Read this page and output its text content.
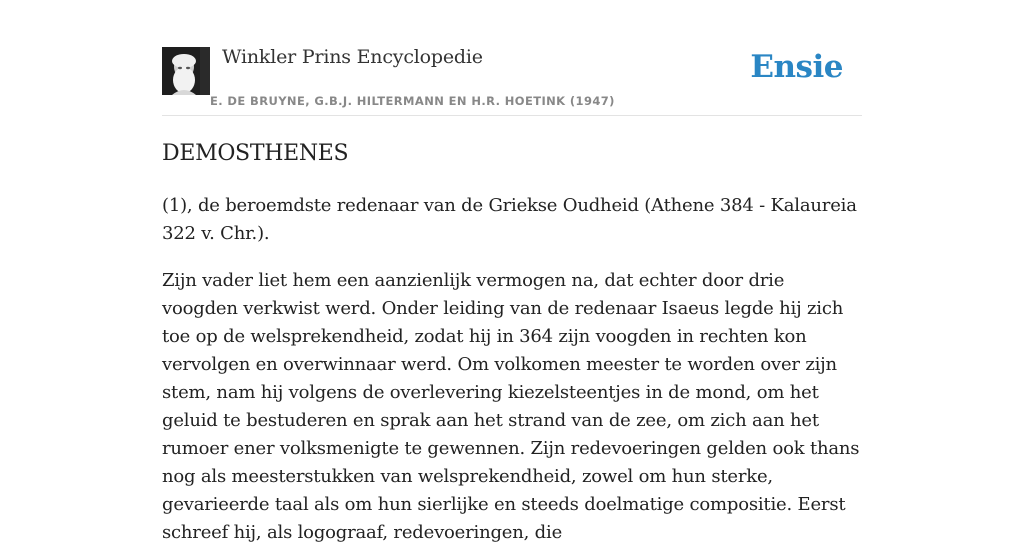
Winkler Prins Encyclopedie
E. DE BRUYNE, G.B.J. HILTERMANN EN H.R. HOETINK (1947)
Ensie
DEMOSTHENES

(1), de beroemdste redenaar van de Griekse Oudheid (Athene 384 - Kalaureia 322 v. Chr.).

Zijn vader liet hem een aanzienlijk vermogen na, dat echter door drie voogden verkwist werd. Onder leiding van de redenaar Isaeus legde hij zich toe op de welsprekendheid, zodat hij in 364 zijn voogden in rechten kon vervolgen en overwinnaar werd. Om volkomen meester te worden over zijn stem, nam hij volgens de overlevering kiezelsteentjes in de mond, om het geluid te bestuderen en sprak aan het strand van de zee, om zich aan het rumoer ener volksmenigte te gewennen. Zijn redevoeringen gelden ook thans nog als meesterstukken van welsprekendheid, zowel om hun sterke, gevarieerde taal als om hun sierlijke en steeds doelmatige compositie. Eerst schreef hij, als logograaf, redevoeringen, die
